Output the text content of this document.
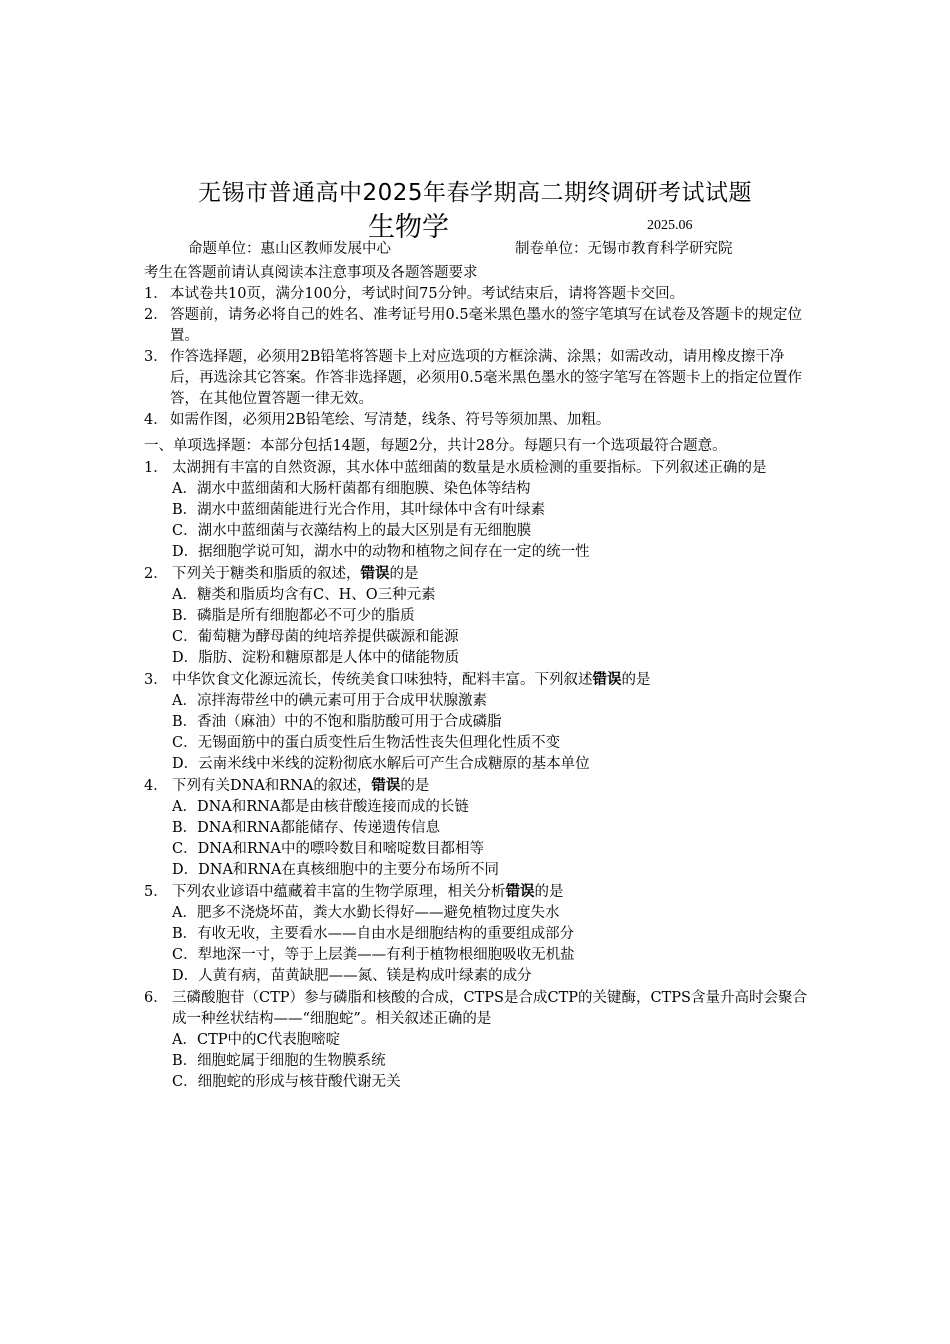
无锡市普通高中2025年春学期高二期终调研考试试题
生物学	2025.06
命题单位：惠山区教师发展中心	制卷单位：无锡市教育科学研究院

考生在答题前请认真阅读本注意事项及各题答题要求

1． 本试卷共10页，满分100分，考试时间75分钟。考试结束后，请将答题卡交回。
2． 答题前，请务必将自己的姓名、准考证号用0.5毫米黑色墨水的签字笔填写在试卷及答题卡的规定位置。
3． 作答选择题，必须用2B铅笔将答题卡上对应选项的方框涂满、涂黑；如需改动，请用橡皮擦干净后，再选涂其它答案。作答非选择题，必须用0.5毫米黑色墨水的签字笔写在答题卡上的指定位置作答，在其他位置答题一律无效。
4． 如需作图，必须用2B铅笔绘、写清楚，线条、符号等须加黑、加粗。
一、单项选择题：本部分包括14题，每题2分，共计28分。每题只有一个选项最符合题意。
1． 太湖拥有丰富的自然资源，其水体中蓝细菌的数量是水质检测的重要指标。下列叙述正确的是
A．湖水中蓝细菌和大肠杆菌都有细胞膜、染色体等结构
B．湖水中蓝细菌能进行光合作用，其叶绿体中含有叶绿素
C．湖水中蓝细菌与衣藻结构上的最大区别是有无细胞膜
D．据细胞学说可知，湖水中的动物和植物之间存在一定的统一性
2． 下列关于糖类和脂质的叙述，· · 错误的是
A．糖类和脂质均含有C、H、O三种元素
B．磷脂是所有细胞都必不可少的脂质
C．葡萄糖为酵母菌的纯培养提供碳源和能源
D．脂肪、淀粉和糖原都是人体中的储能物质
3． 中华饮食文化源远流长，传统美食口味独特，配料丰富。下列叙述· · 错误的是
A．凉拌海带丝中的碘元素可用于合成甲状腺激素
B．香油（麻油）中的不饱和脂肪酸可用于合成磷脂
C．无锡面筋中的蛋白质变性后生物活性丧失但理化性质不变
D．云南米线中米线的淀粉彻底水解后可产生合成糖原的基本单位
4． 下列有关DNA和RNA的叙述，· · 错误的是
A．DNA和RNA都是由核苷酸连接而成的长链
B．DNA和RNA都能储存、传递遗传信息
C．DNA和RNA中的嘌呤数目和嘧啶数目都相等
D．DNA和RNA在真核细胞中的主要分布场所不同
5． 下列农业谚语中蕴藏着丰富的生物学原理，相关分析· · 错误的是
A．肥多不浇烧坏苗，粪大水勤长得好——避免植物过度失水
B．有收无收，主要看水——自由水是细胞结构的重要组成部分
C．犁地深一寸，等于上层粪——有利于植物根细胞吸收无机盐
D．人黄有病，苗黄缺肥——氮、镁是构成叶绿素的成分
6． 三磷酸胞苷（CTP）参与磷脂和核酸的合成，CTPS是合成CTP的关键酶，CTPS含量升高时会聚合成一种丝状结构——“细胞蛇”。相关叙述正确的是
A．CTP中的C代表胞嘧啶
B．细胞蛇属于细胞的生物膜系统
C．细胞蛇的形成与核苷酸代谢无关
